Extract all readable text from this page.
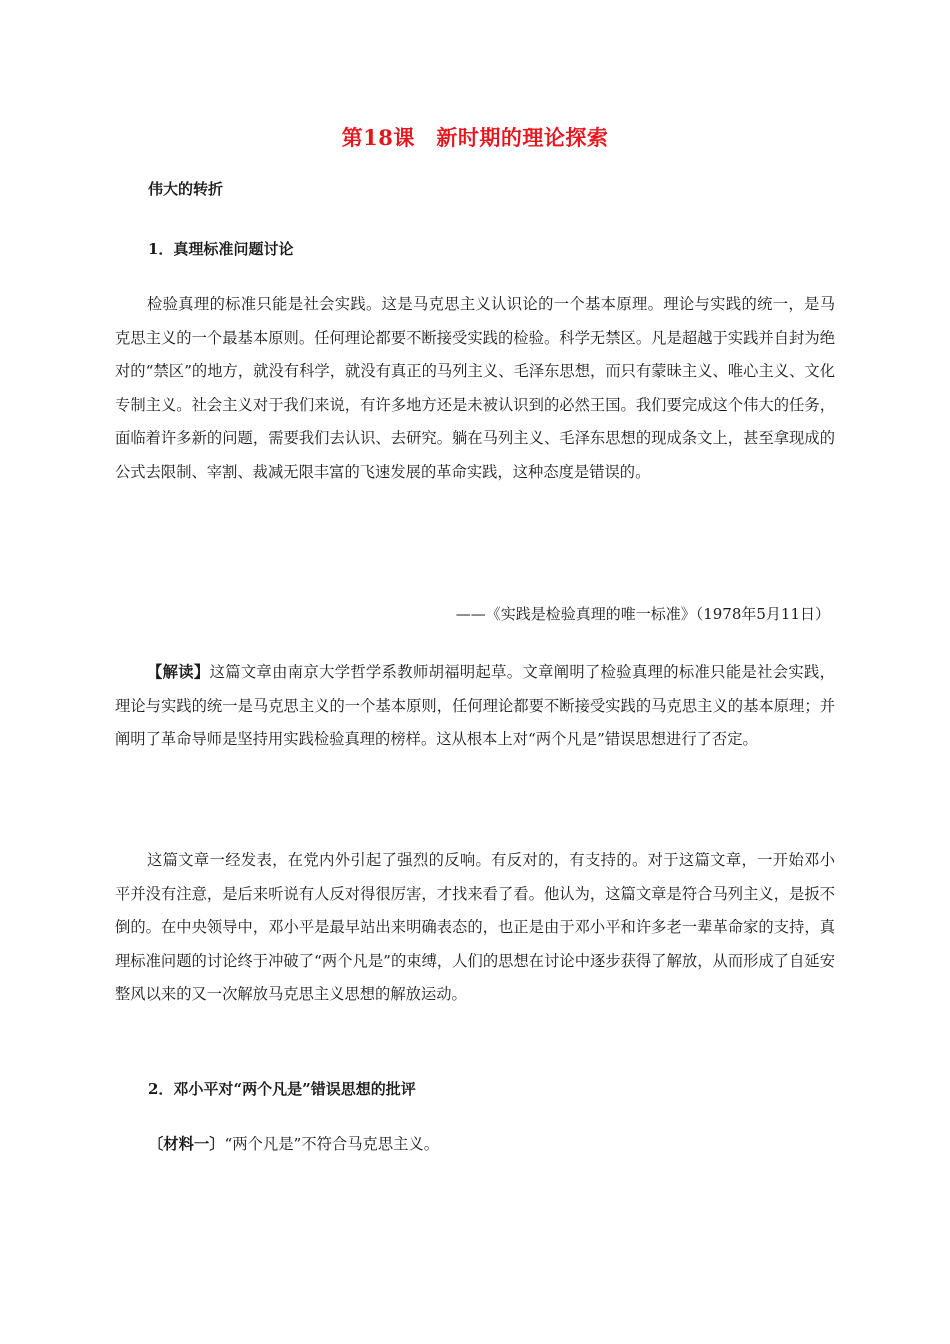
第18课　新时期的理论探索
伟大的转折
1．真理标准问题讨论

检验真理的标准只能是社会实践。这是马克思主义认识论的一个基本原理。理论与实践的统一，是马克思主义的一个最基本原则。任何理论都要不断接受实践的检验。科学无禁区。凡是超越于实践并自封为绝对的“禁区”的地方，就没有科学，就没有真正的马列主义、毛泽东思想，而只有蒙昧主义、唯心主义、文化专制主义。社会主义对于我们来说，有许多地方还是未被认识到的必然王国。我们要完成这个伟大的任务，面临着许多新的问题，需要我们去认识、去研究。躺在马列主义、毛泽东思想的现成条文上，甚至拿现成的公式去限制、宰割、裁减无限丰富的飞速发展的革命实践，这种态度是错误的。

——《实践是检验真理的唯一标准》（1978年5月11日）

【解读】这篇文章由南京大学哲学系教师胡福明起草。文章阐明了检验真理的标准只能是社会实践，理论与实践的统一是马克思主义的一个基本原则，任何理论都要不断接受实践的马克思主义的基本原理；并阐明了革命导师是坚持用实践检验真理的榜样。这从根本上对“两个凡是”错误思想进行了否定。

这篇文章一经发表，在党内外引起了强烈的反响。有反对的，有支持的。对于这篇文章，一开始邓小平并没有注意，是后来听说有人反对得很厉害，才找来看了看。他认为，这篇文章是符合马列主义，是扳不倒的。在中央领导中，邓小平是最早站出来明确表态的，也正是由于邓小平和许多老一辈革命家的支持，真理标准问题的讨论终于冲破了“两个凡是”的束缚，人们的思想在讨论中逐步获得了解放，从而形成了自延安整风以来的又一次解放马克思主义思想的解放运动。

2．邓小平对“两个凡是”错误思想的批评
〔材料一〕“两个凡是”不符合马克思主义。
